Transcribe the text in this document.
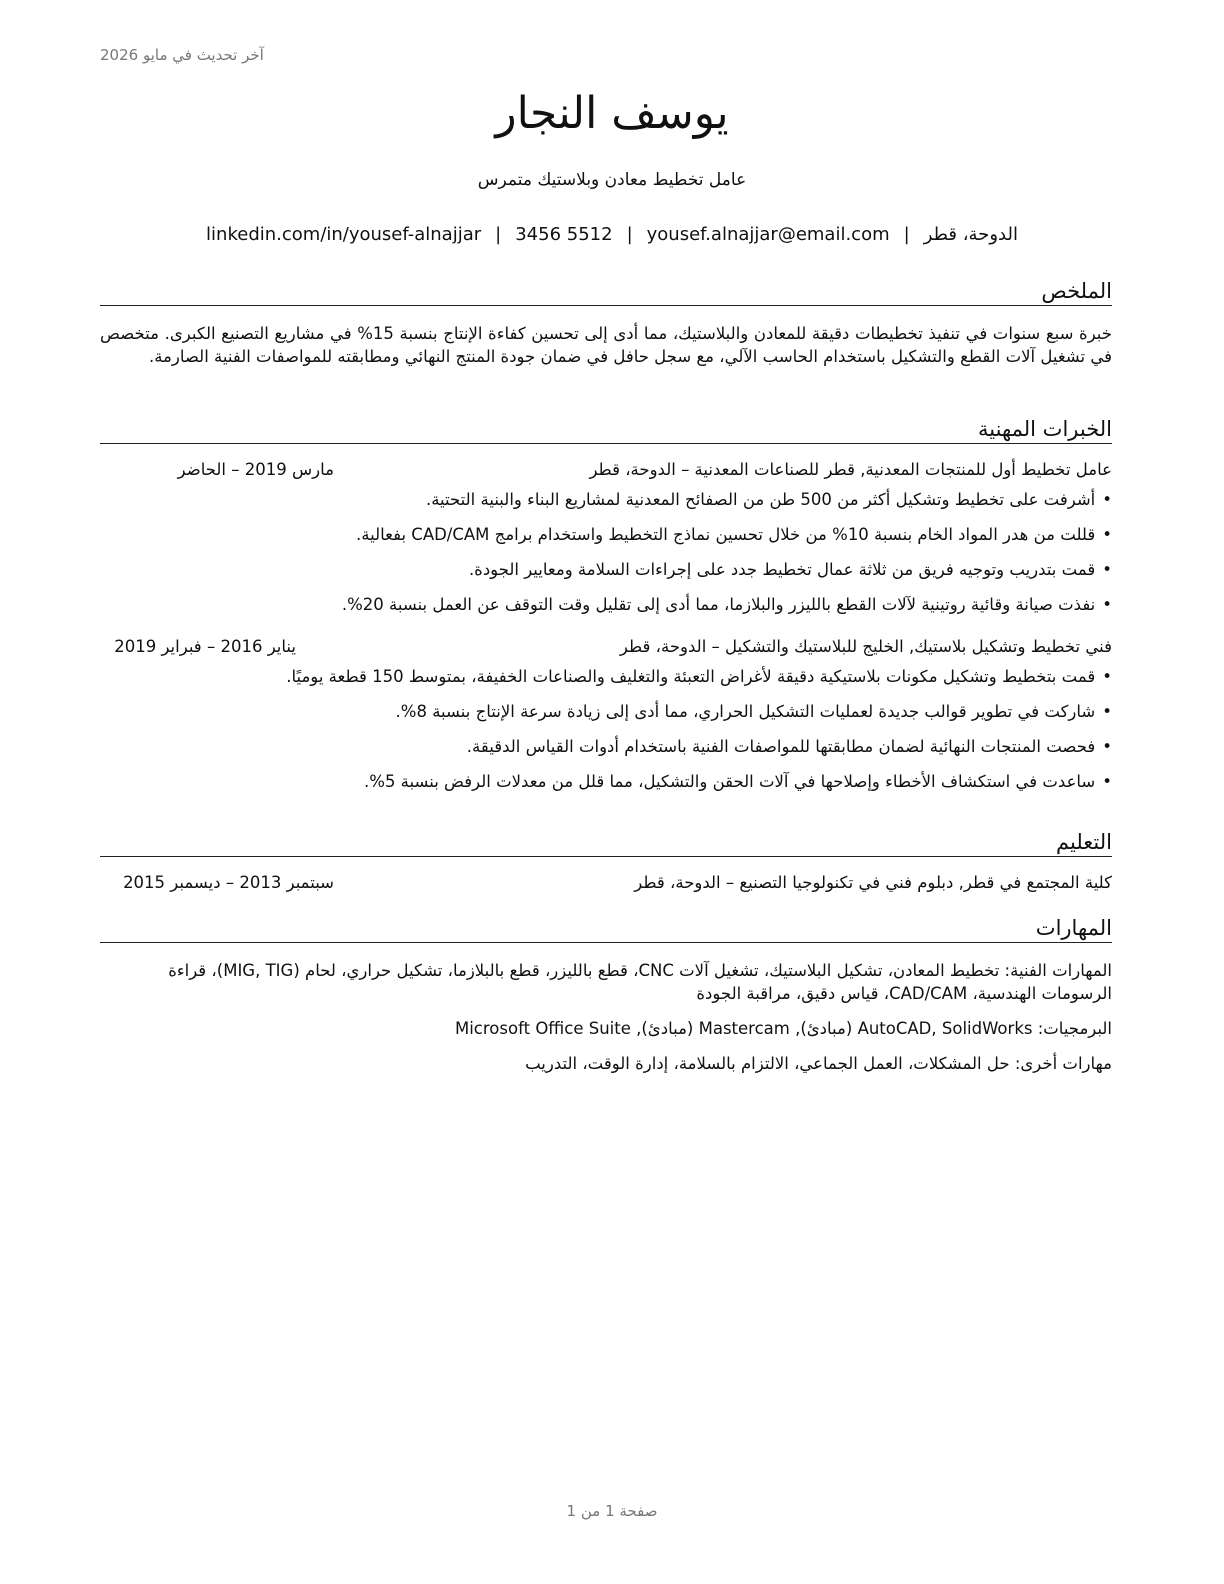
آخر تحديث في مايو 2026
يوسف النجار
عامل تخطيط معادن وبلاستيك متمرس
الدوحة، قطر|yousef.alnajjar@email.com|3456 5512|linkedin.com/in/yousef-alnajjar
الملخص
خبرة سبع سنوات في تنفيذ تخطيطات دقيقة للمعادن والبلاستيك، مما أدى إلى تحسين كفاءة الإنتاج بنسبة 15% في مشاريع التصنيع الكبرى. متخصص في تشغيل آلات القطع والتشكيل باستخدام الحاسب الآلي، مع سجل حافل في ضمان جودة المنتج النهائي ومطابقته للمواصفات الفنية الصارمة.
الخبرات المهنية
عامل تخطيط أول للمنتجات المعدنية, قطر للصناعات المعدنية – الدوحة، قطر
مارس 2019 – الحاضر
• أشرفت على تخطيط وتشكيل أكثر من 500 طن من الصفائح المعدنية لمشاريع البناء والبنية التحتية.
• قللت من هدر المواد الخام بنسبة 10% من خلال تحسين نماذج التخطيط واستخدام برامج CAD/CAM بفعالية.
• قمت بتدريب وتوجيه فريق من ثلاثة عمال تخطيط جدد على إجراءات السلامة ومعايير الجودة.
• نفذت صيانة وقائية روتينية لآلات القطع بالليزر والبلازما، مما أدى إلى تقليل وقت التوقف عن العمل بنسبة 20%.
فني تخطيط وتشكيل بلاستيك, الخليج للبلاستيك والتشكيل – الدوحة، قطر
يناير 2016 – فبراير 2019
• قمت بتخطيط وتشكيل مكونات بلاستيكية دقيقة لأغراض التعبئة والتغليف والصناعات الخفيفة، بمتوسط 150 قطعة يوميًا.
• شاركت في تطوير قوالب جديدة لعمليات التشكيل الحراري، مما أدى إلى زيادة سرعة الإنتاج بنسبة 8%.
• فحصت المنتجات النهائية لضمان مطابقتها للمواصفات الفنية باستخدام أدوات القياس الدقيقة.
• ساعدت في استكشاف الأخطاء وإصلاحها في آلات الحقن والتشكيل، مما قلل من معدلات الرفض بنسبة 5%.
التعليم
كلية المجتمع في قطر, دبلوم فني في تكنولوجيا التصنيع – الدوحة، قطر
سبتمبر 2013 – ديسمبر 2015
المهارات
المهارات الفنية: تخطيط المعادن، تشكيل البلاستيك، تشغيل آلات CNC، قطع بالليزر، قطع بالبلازما، تشكيل حراري، لحام (MIG, TIG)، قراءة الرسومات الهندسية، CAD/CAM، قياس دقيق، مراقبة الجودة
البرمجيات: AutoCAD, SolidWorks (مبادئ), Mastercam (مبادئ), Microsoft Office Suite
مهارات أخرى: حل المشكلات، العمل الجماعي، الالتزام بالسلامة، إدارة الوقت، التدريب
صفحة 1 من 1
